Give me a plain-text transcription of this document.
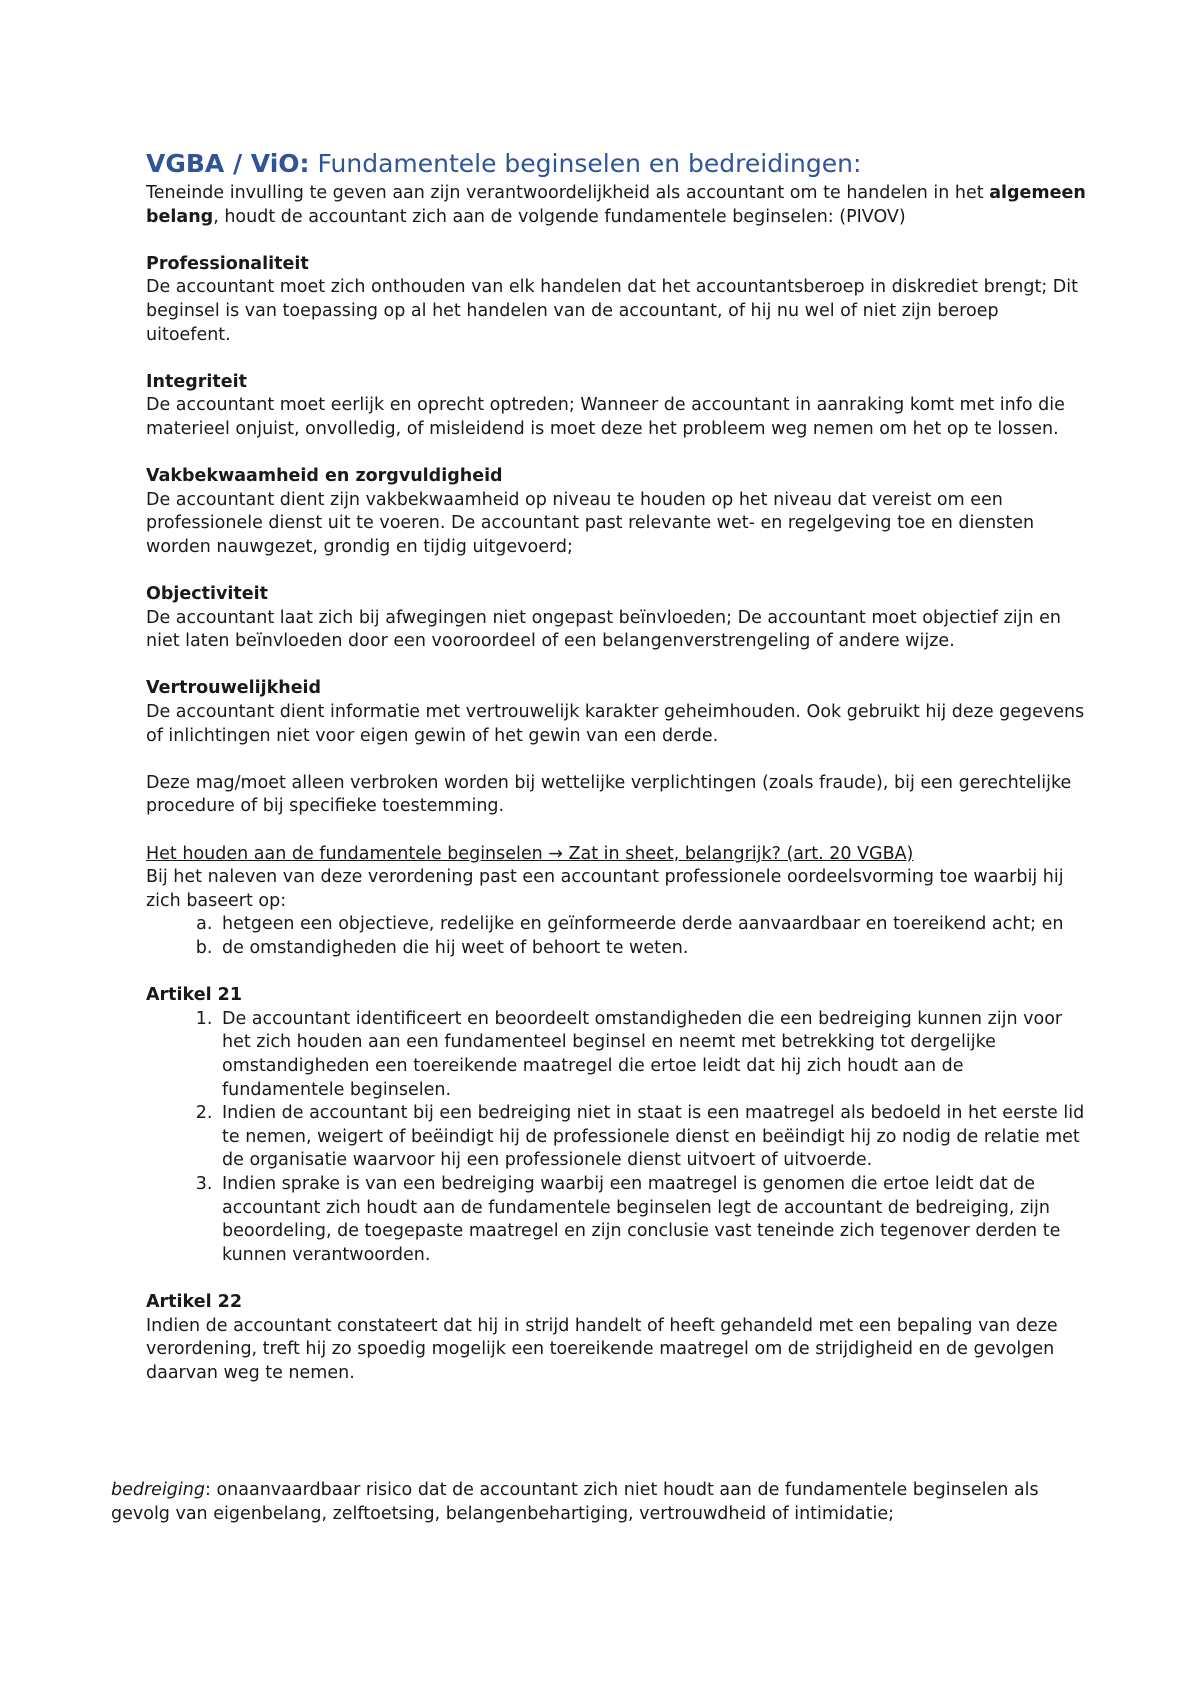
VGBA / ViO: Fundamentele beginselen en bedreidingen:

Teneinde invulling te geven aan zijn verantwoordelijkheid als accountant om te handelen in het algemeen belang, houdt de accountant zich aan de volgende fundamentele beginselen: (PIVOV)

Professionaliteit

De accountant moet zich onthouden van elk handelen dat het accountantsberoep in diskrediet brengt; Dit beginsel is van toepassing op al het handelen van de accountant, of hij nu wel of niet zijn beroep uitoefent.

Integriteit

De accountant moet eerlijk en oprecht optreden; Wanneer de accountant in aanraking komt met info die materieel onjuist, onvolledig, of misleidend is moet deze het probleem weg nemen om het op te lossen.

Vakbekwaamheid en zorgvuldigheid

De accountant dient zijn vakbekwaamheid op niveau te houden op het niveau dat vereist om een professionele dienst uit te voeren. De accountant past relevante wet- en regelgeving toe en diensten worden nauwgezet, grondig en tijdig uitgevoerd;

Objectiviteit

De accountant laat zich bij afwegingen niet ongepast beïnvloeden; De accountant moet objectief zijn en niet laten beïnvloeden door een vooroordeel of een belangenverstrengeling of andere wijze.

Vertrouwelijkheid

De accountant dient informatie met vertrouwelijk karakter geheimhouden. Ook gebruikt hij deze gegevens of inlichtingen niet voor eigen gewin of het gewin van een derde.

Deze mag/moet alleen verbroken worden bij wettelijke verplichtingen (zoals fraude), bij een gerechtelijke procedure of bij specifieke toestemming.

Het houden aan de fundamentele beginselen → Zat in sheet, belangrijk? (art. 20 VGBA)

Bij het naleven van deze verordening past een accountant professionele oordeelsvorming toe waarbij hij zich baseert op:

a. hetgeen een objectieve, redelijke en geïnformeerde derde aanvaardbaar en toereikend acht; en
b. de omstandigheden die hij weet of behoort te weten.

Artikel 21

1. De accountant identificeert en beoordeelt omstandigheden die een bedreiging kunnen zijn voor het zich houden aan een fundamenteel beginsel en neemt met betrekking tot dergelijke omstandigheden een toereikende maatregel die ertoe leidt dat hij zich houdt aan de fundamentele beginselen.
2. Indien de accountant bij een bedreiging niet in staat is een maatregel als bedoeld in het eerste lid te nemen, weigert of beëindigt hij de professionele dienst en beëindigt hij zo nodig de relatie met de organisatie waarvoor hij een professionele dienst uitvoert of uitvoerde.
3. Indien sprake is van een bedreiging waarbij een maatregel is genomen die ertoe leidt dat de accountant zich houdt aan de fundamentele beginselen legt de accountant de bedreiging, zijn beoordeling, de toegepaste maatregel en zijn conclusie vast teneinde zich tegenover derden te kunnen verantwoorden.

Artikel 22

Indien de accountant constateert dat hij in strijd handelt of heeft gehandeld met een bepaling van deze verordening, treft hij zo spoedig mogelijk een toereikende maatregel om de strijdigheid en de gevolgen daarvan weg te nemen.

bedreiging: onaanvaardbaar risico dat de accountant zich niet houdt aan de fundamentele beginselen als gevolg van eigenbelang, zelftoetsing, belangenbehartiging, vertrouwdheid of intimidatie;
